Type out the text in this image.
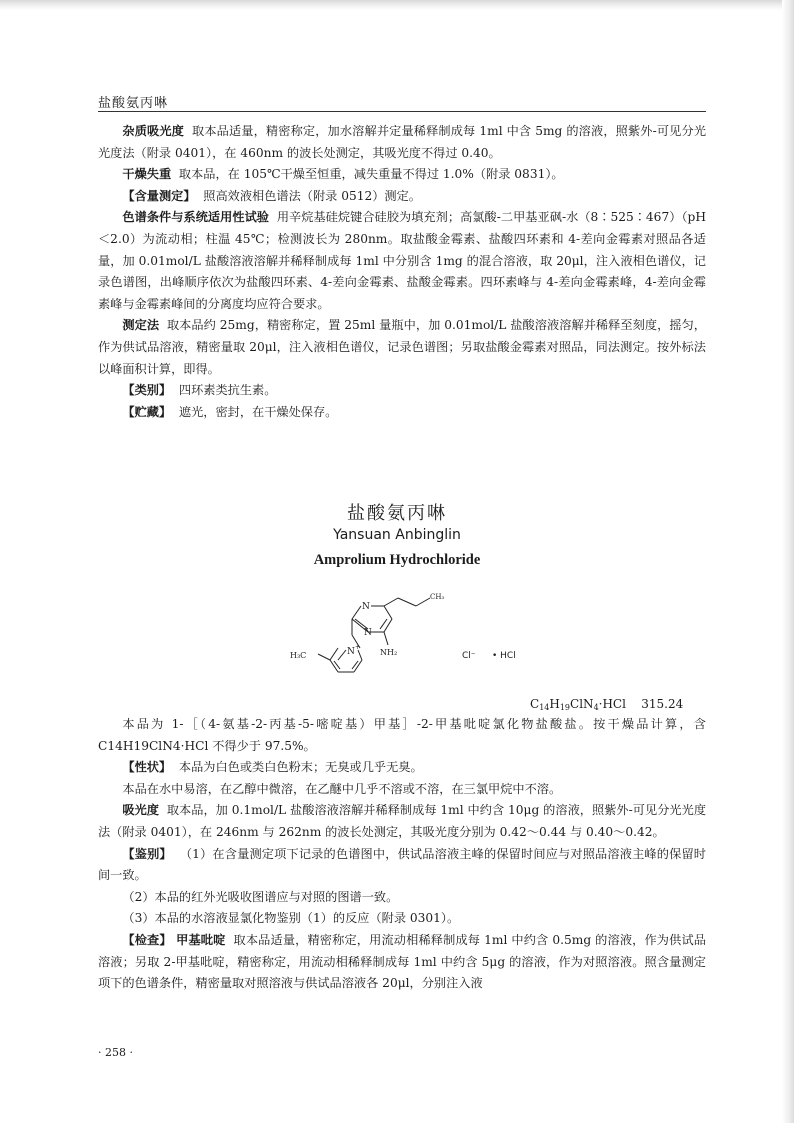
盐酸氨丙啉

杂质吸光度 取本品适量，精密称定，加水溶解并定量稀释制成每 1ml 中含 5mg 的溶液，照紫外-可见分光光度法（附录 0401），在 460nm 的波长处测定，其吸光度不得过 0.40。

干燥失重 取本品，在 105℃干燥至恒重，减失重量不得过 1.0%（附录 0831）。

【含量测定】 照高效液相色谱法（附录 0512）测定。

色谱条件与系统适用性试验 用辛烷基硅烷键合硅胶为填充剂；高氯酸-二甲基亚砜-水（8∶525∶467）（pH＜2.0）为流动相；柱温 45℃；检测波长为 280nm。取盐酸金霉素、盐酸四环素和 4-差向金霉素对照品各适量，加 0.01mol/L 盐酸溶液溶解并稀释制成每 1ml 中分别含 1mg 的混合溶液，取 20μl，注入液相色谱仪，记录色谱图，出峰顺序依次为盐酸四环素、4-差向金霉素、盐酸金霉素。四环素峰与 4-差向金霉素峰，4-差向金霉素峰与金霉素峰间的分离度均应符合要求。

测定法 取本品约 25mg，精密称定，置 25ml 量瓶中，加 0.01mol/L 盐酸溶液溶解并稀释至刻度，摇匀，作为供试品溶液，精密量取 20μl，注入液相色谱仪，记录色谱图；另取盐酸金霉素对照品，同法测定。按外标法以峰面积计算，即得。

【类别】 四环素类抗生素。

【贮藏】 遮光，密封，在干燥处保存。

盐酸氨丙啉
Yansuan Anbinglin
Amprolium Hydrochloride
N
N
N +
H₃C
CH₃
NH₂	Cl⁻ • HCl
$C_{14}H_{19}ClN_4\cdot HCl$ 315.24

本品为 1-［（4-氨基-2-丙基-5-嘧啶基）甲基］-2-甲基吡啶氯化物盐酸盐。按干燥品计算，含 C14H19ClN4·HCl 不得少于 97.5%。

【性状】 本品为白色或类白色粉末；无臭或几乎无臭。

本品在水中易溶，在乙醇中微溶，在乙醚中几乎不溶或不溶，在三氯甲烷中不溶。

吸光度 取本品，加 0.1mol/L 盐酸溶液溶解并稀释制成每 1ml 中约含 10μg 的溶液，照紫外-可见分光光度法（附录 0401），在 246nm 与 262nm 的波长处测定，其吸光度分别为 0.42～0.44 与 0.40～0.42。

【鉴别】 （1）在含量测定项下记录的色谱图中，供试品溶液主峰的保留时间应与对照品溶液主峰的保留时间一致。

（2）本品的红外光吸收图谱应与对照的图谱一致。

（3）本品的水溶液显氯化物鉴别（1）的反应（附录 0301）。

【检查】 甲基吡啶 取本品适量，精密称定，用流动相稀释制成每 1ml 中约含 0.5mg 的溶液，作为供试品溶液；另取 2-甲基吡啶，精密称定，用流动相稀释制成每 1ml 中约含 5μg 的溶液，作为对照溶液。照含量测定项下的色谱条件，精密量取对照溶液与供试品溶液各 20μl，分别注入液

· 258 ·
